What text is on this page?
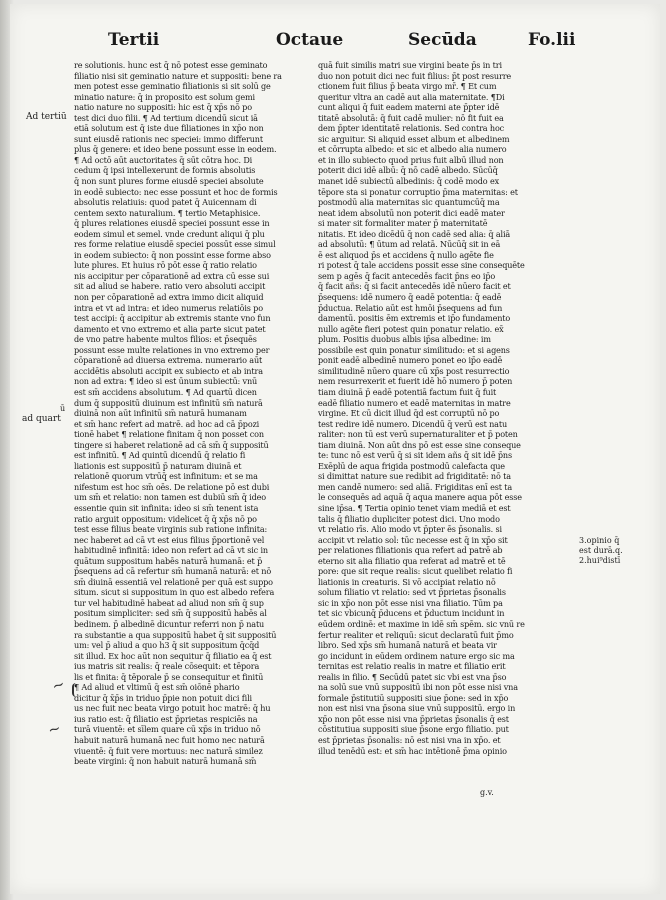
Tertii	Octaue	Secūda	Fo.lii
Ad tertiū
ad quart
ū

re solutionis. hunc est q̄ nō potest esse geminato

filiatio nisi sit geminatio nature et suppositi: bene ra

men potest esse geminatio filiationis si sit solū ge

minatio nature: q̄ in proposito est solum gemi

natio nature no suppositi: hic est q̄ xp̄s nō po

test dici duo filii. ¶ Ad tertium dicendū sicut iā

etiā solutum est q̄ iste due filiationes in xp̄o non

sunt eiusdē rationis nec speciei: immo differunt

plus q̄ genere: et ideo bene possunt esse in eodem.

¶ Ad octō aūt auctoritates q̄ sūt cōtra hoc. Di

cedum q̄ ipsi intellexerunt de formis absolutis

q̄ non sunt plures forme eiusdē speciei absolute

in eodē subiecto: nec esse possunt et hoc de formis

absolutis relatiuis: quod patet q̄ Auicennam di

centem sexto naturalium. ¶ tertio Metaphisice.

q̄ plures relationes eiusdē speciei possunt esse in

eodem simul et semel. vnde credunt aliqui q̄ plu

res forme relatiue eiusdē speciei possūt esse simul

in eodem subiecto: q̄ non possint esse forme abso

lute plures. Et huius rō pōt esse q̄ ratio relatio

nis accipitur per cōparationē ad extra cū esse sui

sit ad aliud se habere. ratio vero absoluti accipit

non per cōparationē ad extra immo dicit aliquid

intra et vt ad intra: et ideo numerus relatiōis po

test accipi: q̄ accipitur ab extremis stante vno fun

damento et vno extremo et alia parte sicut patet

de vno patre habente multos filios: et p̄sequēs

possunt esse multe relationes in vno extremo per

cōparationē ad diuersa extrema. numerario aūt

accidētis absoluti accipit ex subiecto et ab intra

non ad extra: ¶ ideo si est ūnum subiectū: vnū

est sm̄ accidens absolutum. ¶ Ad quartū dicen

dum q̄ suppositū diuinum est infinitū sm̄ naturā

diuinā non aūt infinitū sm̄ naturā humanam

et sm̄ hanc refert ad matrē. ad hoc ad cā p̄pozi

tionē habet ¶ relatione finitam q̄ non posset con

tingere si haberet relationē ad cā sm̄ q̄ suppositū

est infinitū. ¶ Ad quintū dicendū q̄ relatio fi

liationis est suppositū p̄ naturam diuinā et

relationē quorum vtrūq̄ est infinitum: et se ma

nifestum est hoc sm̄ oēs. De relatione pō est dubi

um sm̄ et relatio: non tamen est dubiū sm̄ q̄ ideo

essentie quin sit infinita: ideo si sm̄ tenent ista

ratio arguit oppositum: videlicet q̄ q̄ xp̄s nō po

test esse filius beate virginis sub ratione infinita:

nec haberet ad cā vt est eius filius p̄portionē vel

habitudinē infinitā: ideo non refert ad cā vt sic in

quātum suppositum habēs naturā humanā: et p̄

p̄sequens ad cā refertur sm̄ humanā naturā: et nō

sm̄ diuinā essentiā vel relationē per quā est suppo

situm. sicut si suppositum in quo est albedo refera

tur vel habitudinē habeat ad aliud non sm̄ q̄ sup

positum simpliciter: sed sm̄ q̄ suppositū habēs al

bedinem. p̄ albedinē dicuntur referri non p̄ natu

ra substantie a qua suppositū habet q̄ sit suppositū

um: vel p̄ aliud a quo h3 q̄ sit suppositum q̄cq̄d

sit illud. Ex hoc aūt non sequitur q̄ filiatio ea q̄ est

ius matris sit realis: q̄ reale cōsequit: et tēpora

lis et finita: q̄ tēporale p̄ se consequitur et finitū

¶ Ad aliud et vltimū q̄ est sm̄ oiōnē phario

dicitur q̄ x̄p̄s in triduo p̄pie non potuit dici fili

us nec fuit nec beata virgo potuit hoc matrē: q̄ hu

ius ratio est: q̄ filiatio est p̄prietas respiciēs na

turā viuentē: et sīlem quare cū xp̄s in triduo nō

habuit naturā humanā nec fuit homo nec naturā

viuentē: q̄ fuit vere mortuus: nec naturā similez

beate virgini: q̄ non habuit naturā humanā sm̄

quā fuit similis matri sue virgini beate p̄s in tri

duo non potuit dici nec fuit filius: p̄t post resurre

ctionem fuit filius p̄ beata virgo mr̄. ¶ Et cum

queritur vltra an cadē aut alia maternitate. ¶Di

cunt aliqui q̄ fuit eadem materni ate p̄pter idē

titatē absolutā: q̄ fuit cadē mulier: nō fit fuit ea

dem p̄pter identitatē relationis. Sed contra hoc

sic arguitur. Si aliquid esset album et albedinem

et cōrrupta albedo: et sic et albedo alia numero

et in illo subiecto quod prius fuit albū illud non

poterit dici idē albū: q̄ nō cadē albedo. Sūcūq̄

manet idē subiectū albedinis: q̄ codē modo ex

tēpore sta si ponatur corruptio p̄ma maternitas: et

postmodū alia maternitas sic quantumcūq̄ ma

neat idem absolutū non poterit dici eadē mater

si mater sit formaliter mater p̄ maternitatē

nitatis. Et ideo dicēdū q̄ non cadē sed alia: q̄ aliā

ad absolutū: ¶ ūtum ad relatā. Nūcūq̄ sit in eā

ē est aliquod p̄s et accidens q̄ nullo agēte fie

ri potest q̄ tale accidens possit esse sine consequēte

sem p agēs q̄ facit antecedēs facit p̄ns eo ip̄o

q̄ facit añs: q̄ si facit antecedēs idē nūero facit et

p̄sequens: idē numero q̄ eadē potentia: q̄ eadē

p̄ductua. Relatio aūt est hmōi p̄sequens ad fun

damentū. positis ēm extremis et ip̄o fundamento

nullo agēte fieri potest quin ponatur relatio. ex̄

plum. Positis duobus albis ip̄sa albedine: im

possibile est quin ponatur similitudo: et si agens

ponit eadē albedinē numero ponet eo ip̄o eadē

similitudinē nūero quare cū xp̄s post resurrectio

nem resurrexerit et fuerit idē hō numero p̄ poten

tiam diuinā p̄ eadē potentiā factum fuit q̄ fuit

eadē filiatio numero et eadē maternitas in matre

virgine. Et cū dicit illud q̄d est corruptū nō po

test redire idē numero. Dicendū q̄ verū est natu

raliter: non tū est verū supernaturaliter et p̄ poten

tiam diuinā. Non aūt dns pō est esse sine conseque

te: tunc nō est verū q̄ si sit idem añs q̄ sit idē p̄ns

Exēplū de aqua frigida postmodū calefacta que

si dimittat nature sue redibit ad frigiditatē: nō ta

men candē numero: sed aliā. Frigiditas enī est ta

le consequēs ad aquā q̄ aqua manere aqua pōt esse

sine ip̄sa. ¶ Tertia opinio tenet viam mediā et est

talis q̄ filiatio dupliciter potest dici. Uno modo

vt relatio rīs. Alio modo vt p̄pter ēs p̄sonalis. si

accipit vt relatio sol̄: tūc necesse est q̄ in xp̄o sit

per relationes filiationis qua refert ad patrē ab

eterno sit alia filiatio qua referat ad matrē et tē

pore: que sit reque realis: sicut quelibet relatio fi

liationis in creaturis. Si vō accipiat relatio nō

solum filiatio vt relatio: sed vt p̄prietas p̄sonalis

sic in xp̄o non pōt esse nisi vna filiatio. Tūm pa

tet sic vbicunq̄ p̄ducens et p̄ductum incidunt in

eūdem ordinē: et maxime in idē sm̄ spēm. sic vnū re

fertur realiter et reliquū: sicut declaratū fuit p̄mo

libro. Sed xp̄s sm̄ humanā naturā et beata vir

go incidunt in eūdem ordinem nature ergo sic ma

ternitas est relatio realis in matre et filiatio erit

realis in filio. ¶ Secūdū patet sic vbi est vna p̄so

na solū sue vnū suppositū ibi non pōt esse nisi vna

formale p̄stitutiū suppositi siue p̄one: sed in xp̄o

non est nisi vna p̄sona siue vnū suppositū. ergo in

xp̄o non pōt esse nisi vna p̄prietas p̄sonalis q̄ est

cōstitutiua suppositi siue p̄sone ergo filiatio. put

est p̄prietas p̄sonalis: nō est nisi vna in xp̄o. et

illud tenēdū est: et sm̄ hac intētionē p̄ma opinio

3.opinio q̄

est durā.q.

2.hui⁹distī

~
~
g.v.
